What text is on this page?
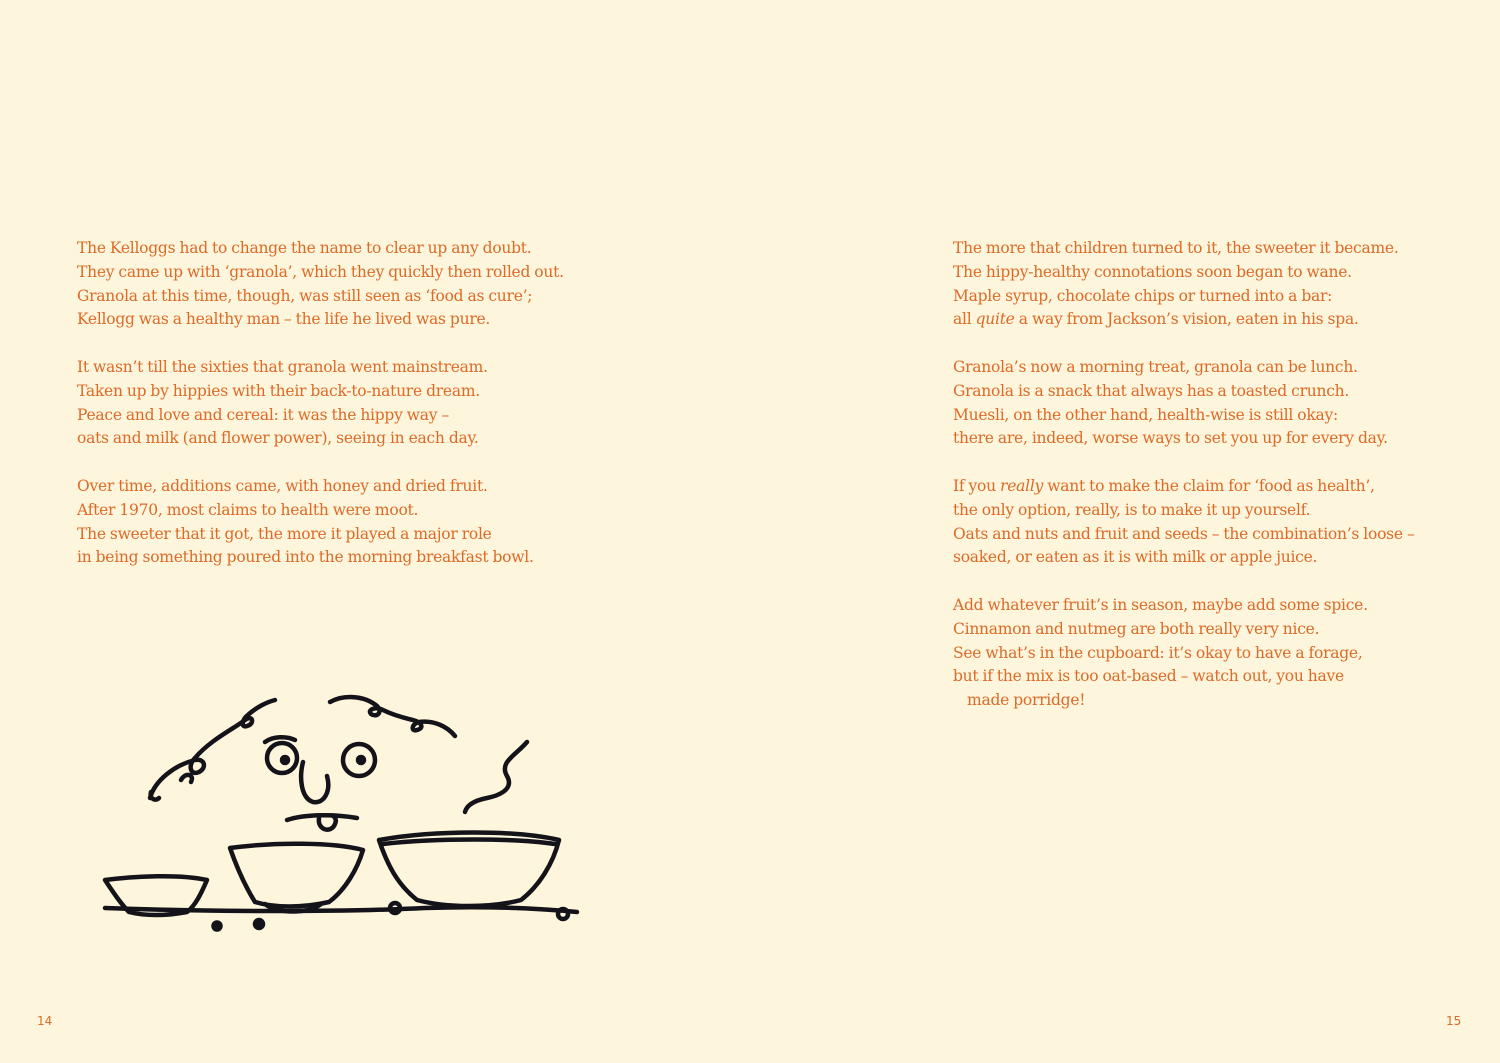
The Kelloggs had to change the name to clear up any doubt.
They came up with ‘granola’, which they quickly then rolled out.
Granola at this time, though, was still seen as ‘food as cure’;
Kellogg was a healthy man – the life he lived was pure.

It wasn’t till the sixties that granola went mainstream.
Taken up by hippies with their back-to-nature dream.
Peace and love and cereal: it was the hippy way –
oats and milk (and flower power), seeing in each day.

Over time, additions came, with honey and dried fruit.
After 1970, most claims to health were moot.
The sweeter that it got, the more it played a major role
in being something poured into the morning breakfast bowl.

14

The more that children turned to it, the sweeter it became.
The hippy-healthy connotations soon began to wane.
Maple syrup, chocolate chips or turned into a bar:
all quite a way from Jackson’s vision, eaten in his spa.

Granola’s now a morning treat, granola can be lunch.
Granola is a snack that always has a toasted crunch.
Muesli, on the other hand, health-wise is still okay:
there are, indeed, worse ways to set you up for every day.

If you really want to make the claim for ‘food as health’,
the only option, really, is to make it up yourself.
Oats and nuts and fruit and seeds – the combination’s loose –
soaked, or eaten as it is with milk or apple juice.

Add whatever fruit’s in season, maybe add some spice.
Cinnamon and nutmeg are both really very nice.
See what’s in the cupboard: it’s okay to have a forage,
but if the mix is too oat-based – watch out, you have
made porridge!

15
